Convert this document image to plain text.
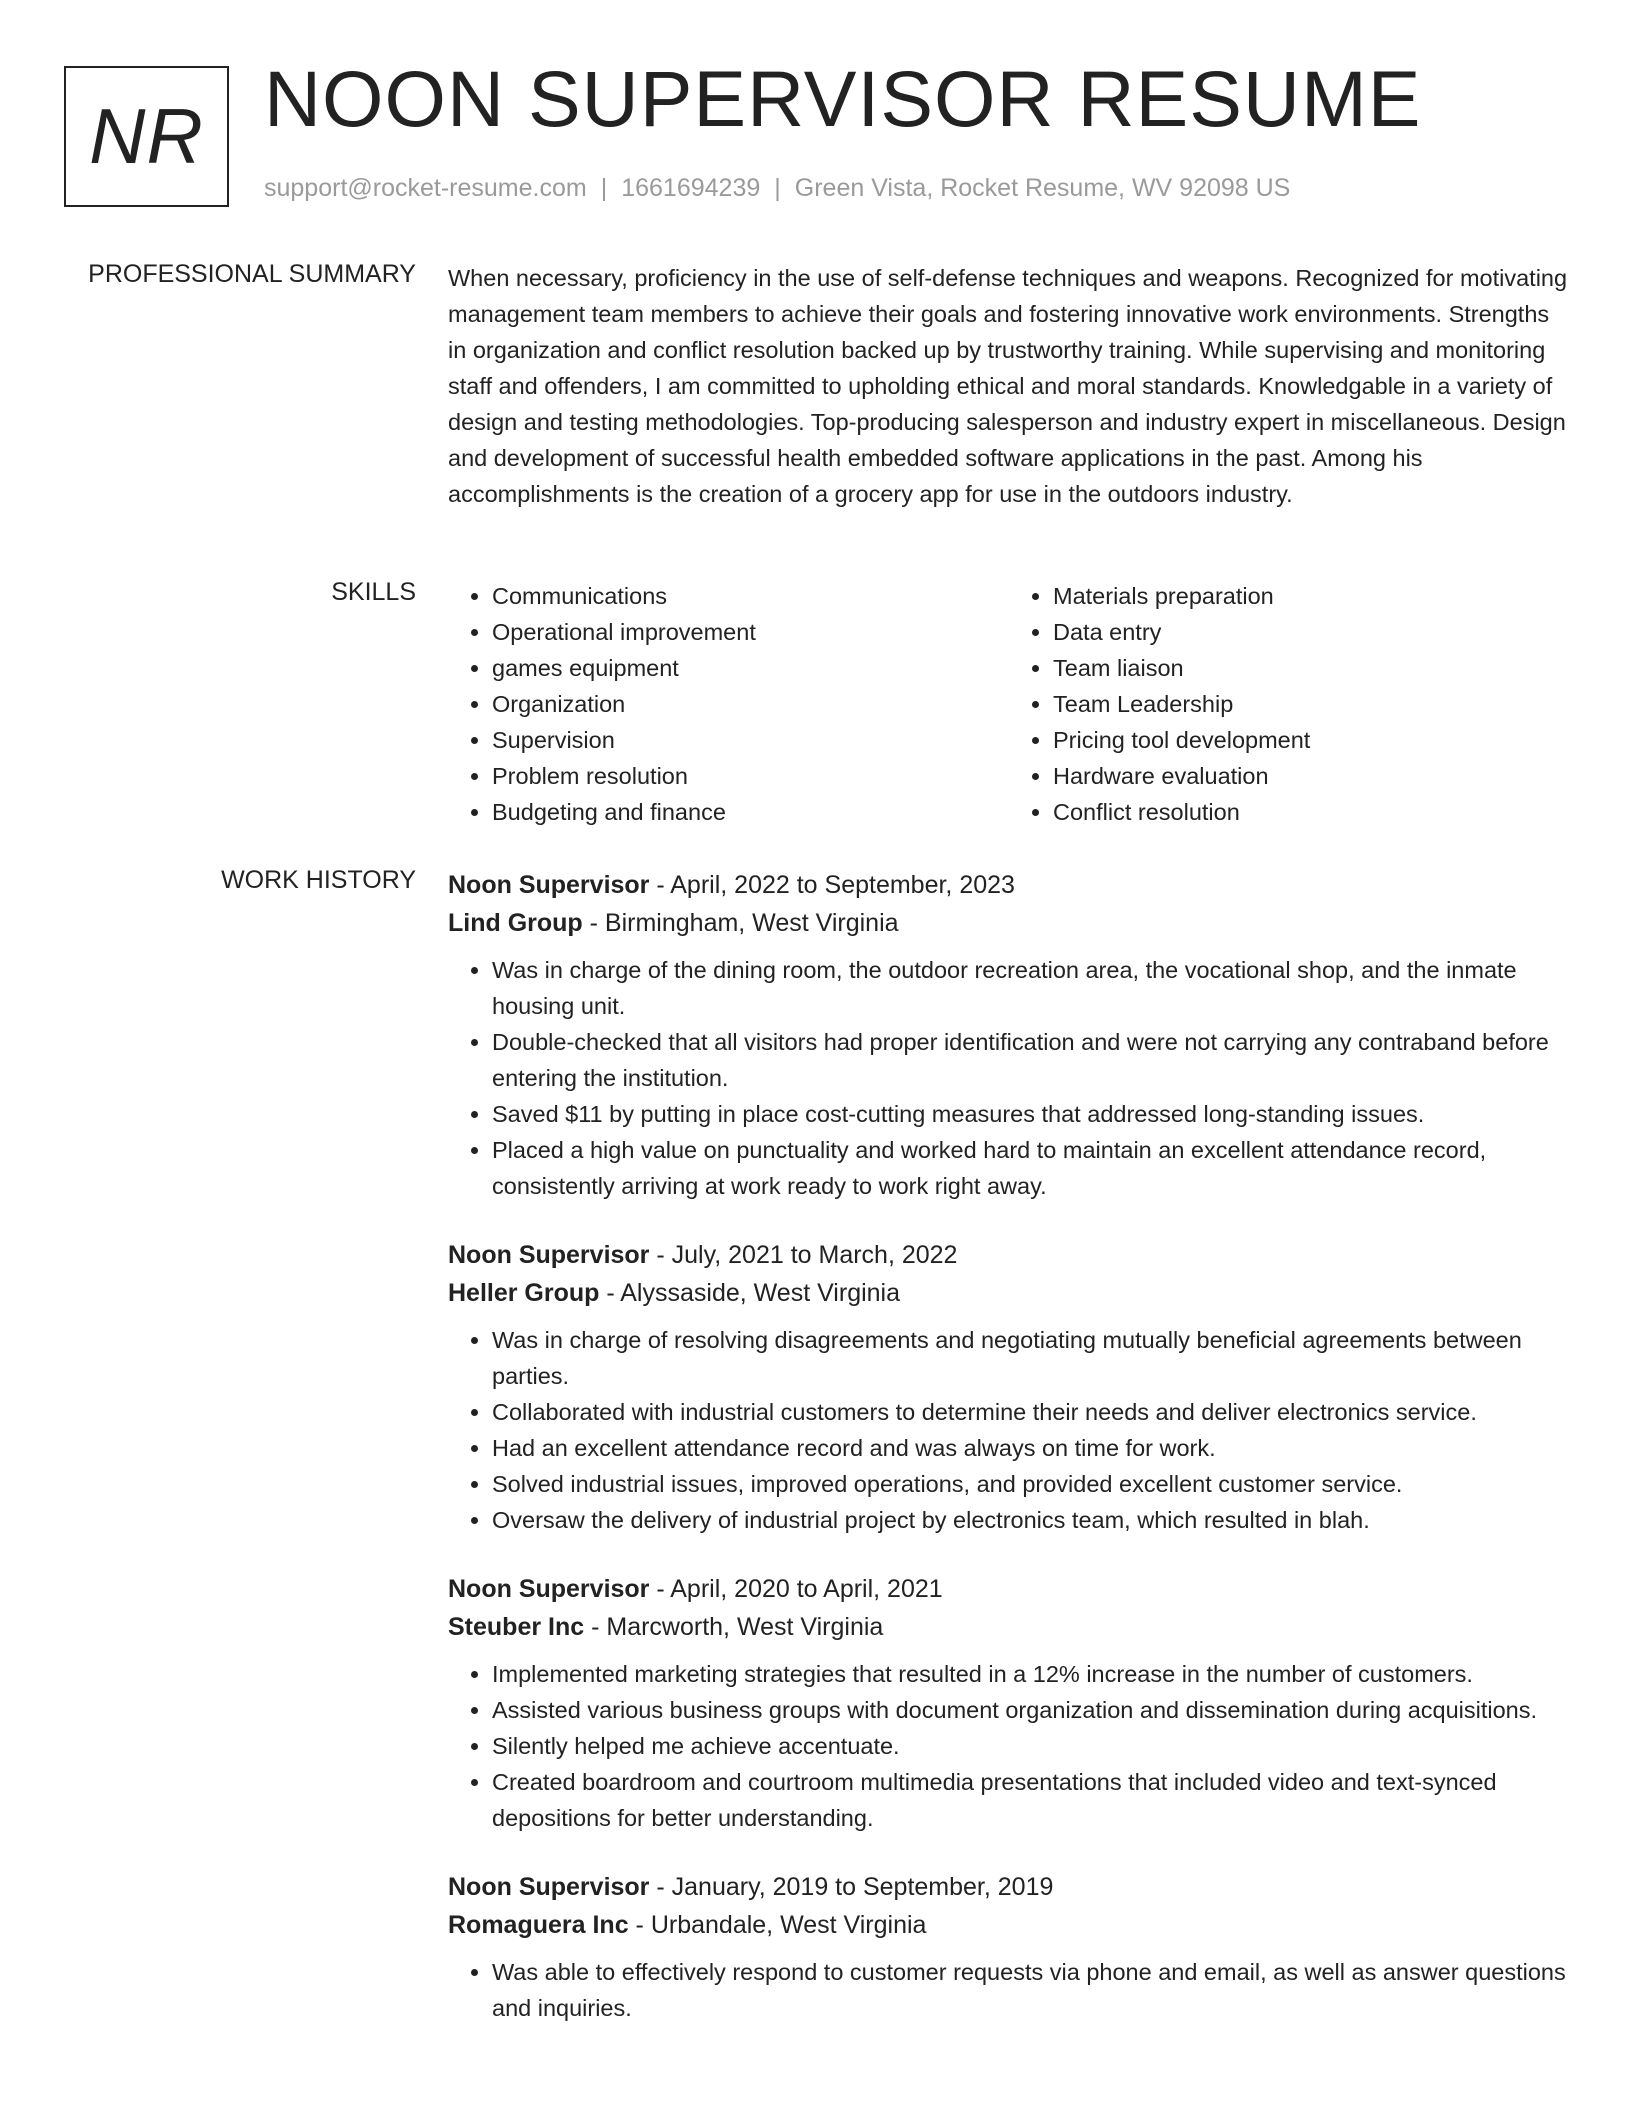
NR NOON SUPERVISOR RESUME
support@rocket-resume.com | 1661694239 | Green Vista, Rocket Resume, WV 92098 US
PROFESSIONAL SUMMARY When necessary, proficiency in the use of self-defense techniques and weapons. Recognized for motivating management team members to achieve their goals and fostering innovative work environments. Strengths in organization and conflict resolution backed up by trustworthy training. While supervising and monitoring staff and offenders, I am committed to upholding ethical and moral standards. Knowledgable in a variety of design and testing methodologies. Top-producing salesperson and industry expert in miscellaneous. Design and development of successful health embedded software applications in the past. Among his accomplishments is the creation of a grocery app for use in the outdoors industry.

SKILLS
•	Communications
• Operational improvement
• games equipment
• Organization
• Supervision
• Problem resolution
• Budgeting and finance
• Materials preparation
• Data entry
• Team liaison
• Team Leadership
• Pricing tool development
• Hardware evaluation
• Conflict resolution
WORK HISTORY Noon Supervisor - April, 2022 to September, 2023
Lind Group - Birmingham, West Virginia
• Was in charge of the dining room, the outdoor recreation area, the vocational shop, and the inmate housing unit.
• Double-checked that all visitors had proper identification and were not carrying any contraband before entering the institution.
• Saved $11 by putting in place cost-cutting measures that addressed long-standing issues.
• Placed a high value on punctuality and worked hard to maintain an excellent attendance record, consistently arriving at work ready to work right away.
Noon Supervisor - July, 2021 to March, 2022
Heller Group - Alyssaside, West Virginia
• Was in charge of resolving disagreements and negotiating mutually beneficial agreements between parties.
• Collaborated with industrial customers to determine their needs and deliver electronics service.
• Had an excellent attendance record and was always on time for work.
• Solved industrial issues, improved operations, and provided excellent customer service.
• Oversaw the delivery of industrial project by electronics team, which resulted in blah.
Noon Supervisor - April, 2020 to April, 2021
Steuber Inc - Marcworth, West Virginia
• Implemented marketing strategies that resulted in a 12% increase in the number of customers.
• Assisted various business groups with document organization and dissemination during acquisitions.
• Silently helped me achieve accentuate.
• Created boardroom and courtroom multimedia presentations that included video and text-synced depositions for better understanding.
Noon Supervisor - January, 2019 to September, 2019
Romaguera Inc - Urbandale, West Virginia
• Was able to effectively respond to customer requests via phone and email, as well as answer questions and inquiries.
